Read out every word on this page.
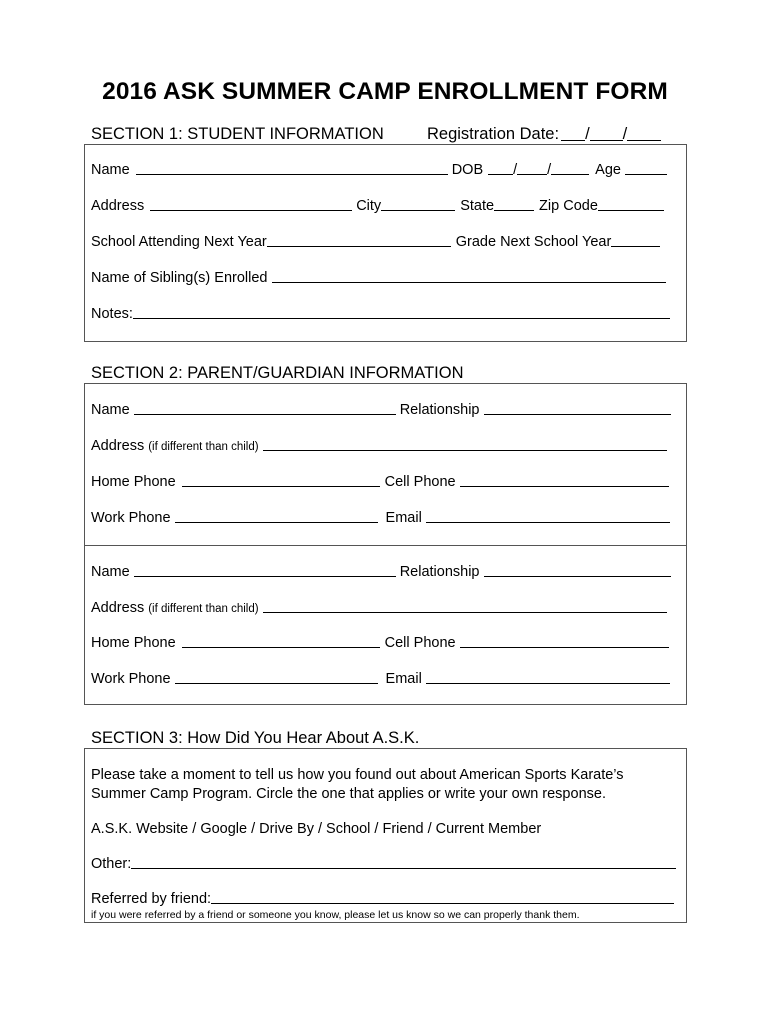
2016 ASK SUMMER CAMP ENROLLMENT FORM
SECTION 1: STUDENT INFORMATION	Registration Date: / /
Name	DOB / /	Age
Address	City	State	Zip Code
School Attending Next Year	Grade Next School Year
Name of Sibling(s) Enrolled
Notes:
SECTION 2: PARENT/GUARDIAN INFORMATION
Name	Relationship
Address (if different than child)
Home Phone	Cell Phone
Work Phone	Email
Name	Relationship
Address (if different than child)
Home Phone	Cell Phone
Work Phone	Email
SECTION 3: How Did You Hear About A.S.K.
Please take a moment to tell us how you found out about American Sports Karate’s Summer Camp Program. Circle the one that applies or write your own response.
A.S.K. Website / Google / Drive By / School / Friend / Current Member
Other:
Referred by friend:
if you were referred by a friend or someone you know, please let us know so we can properly thank them.
